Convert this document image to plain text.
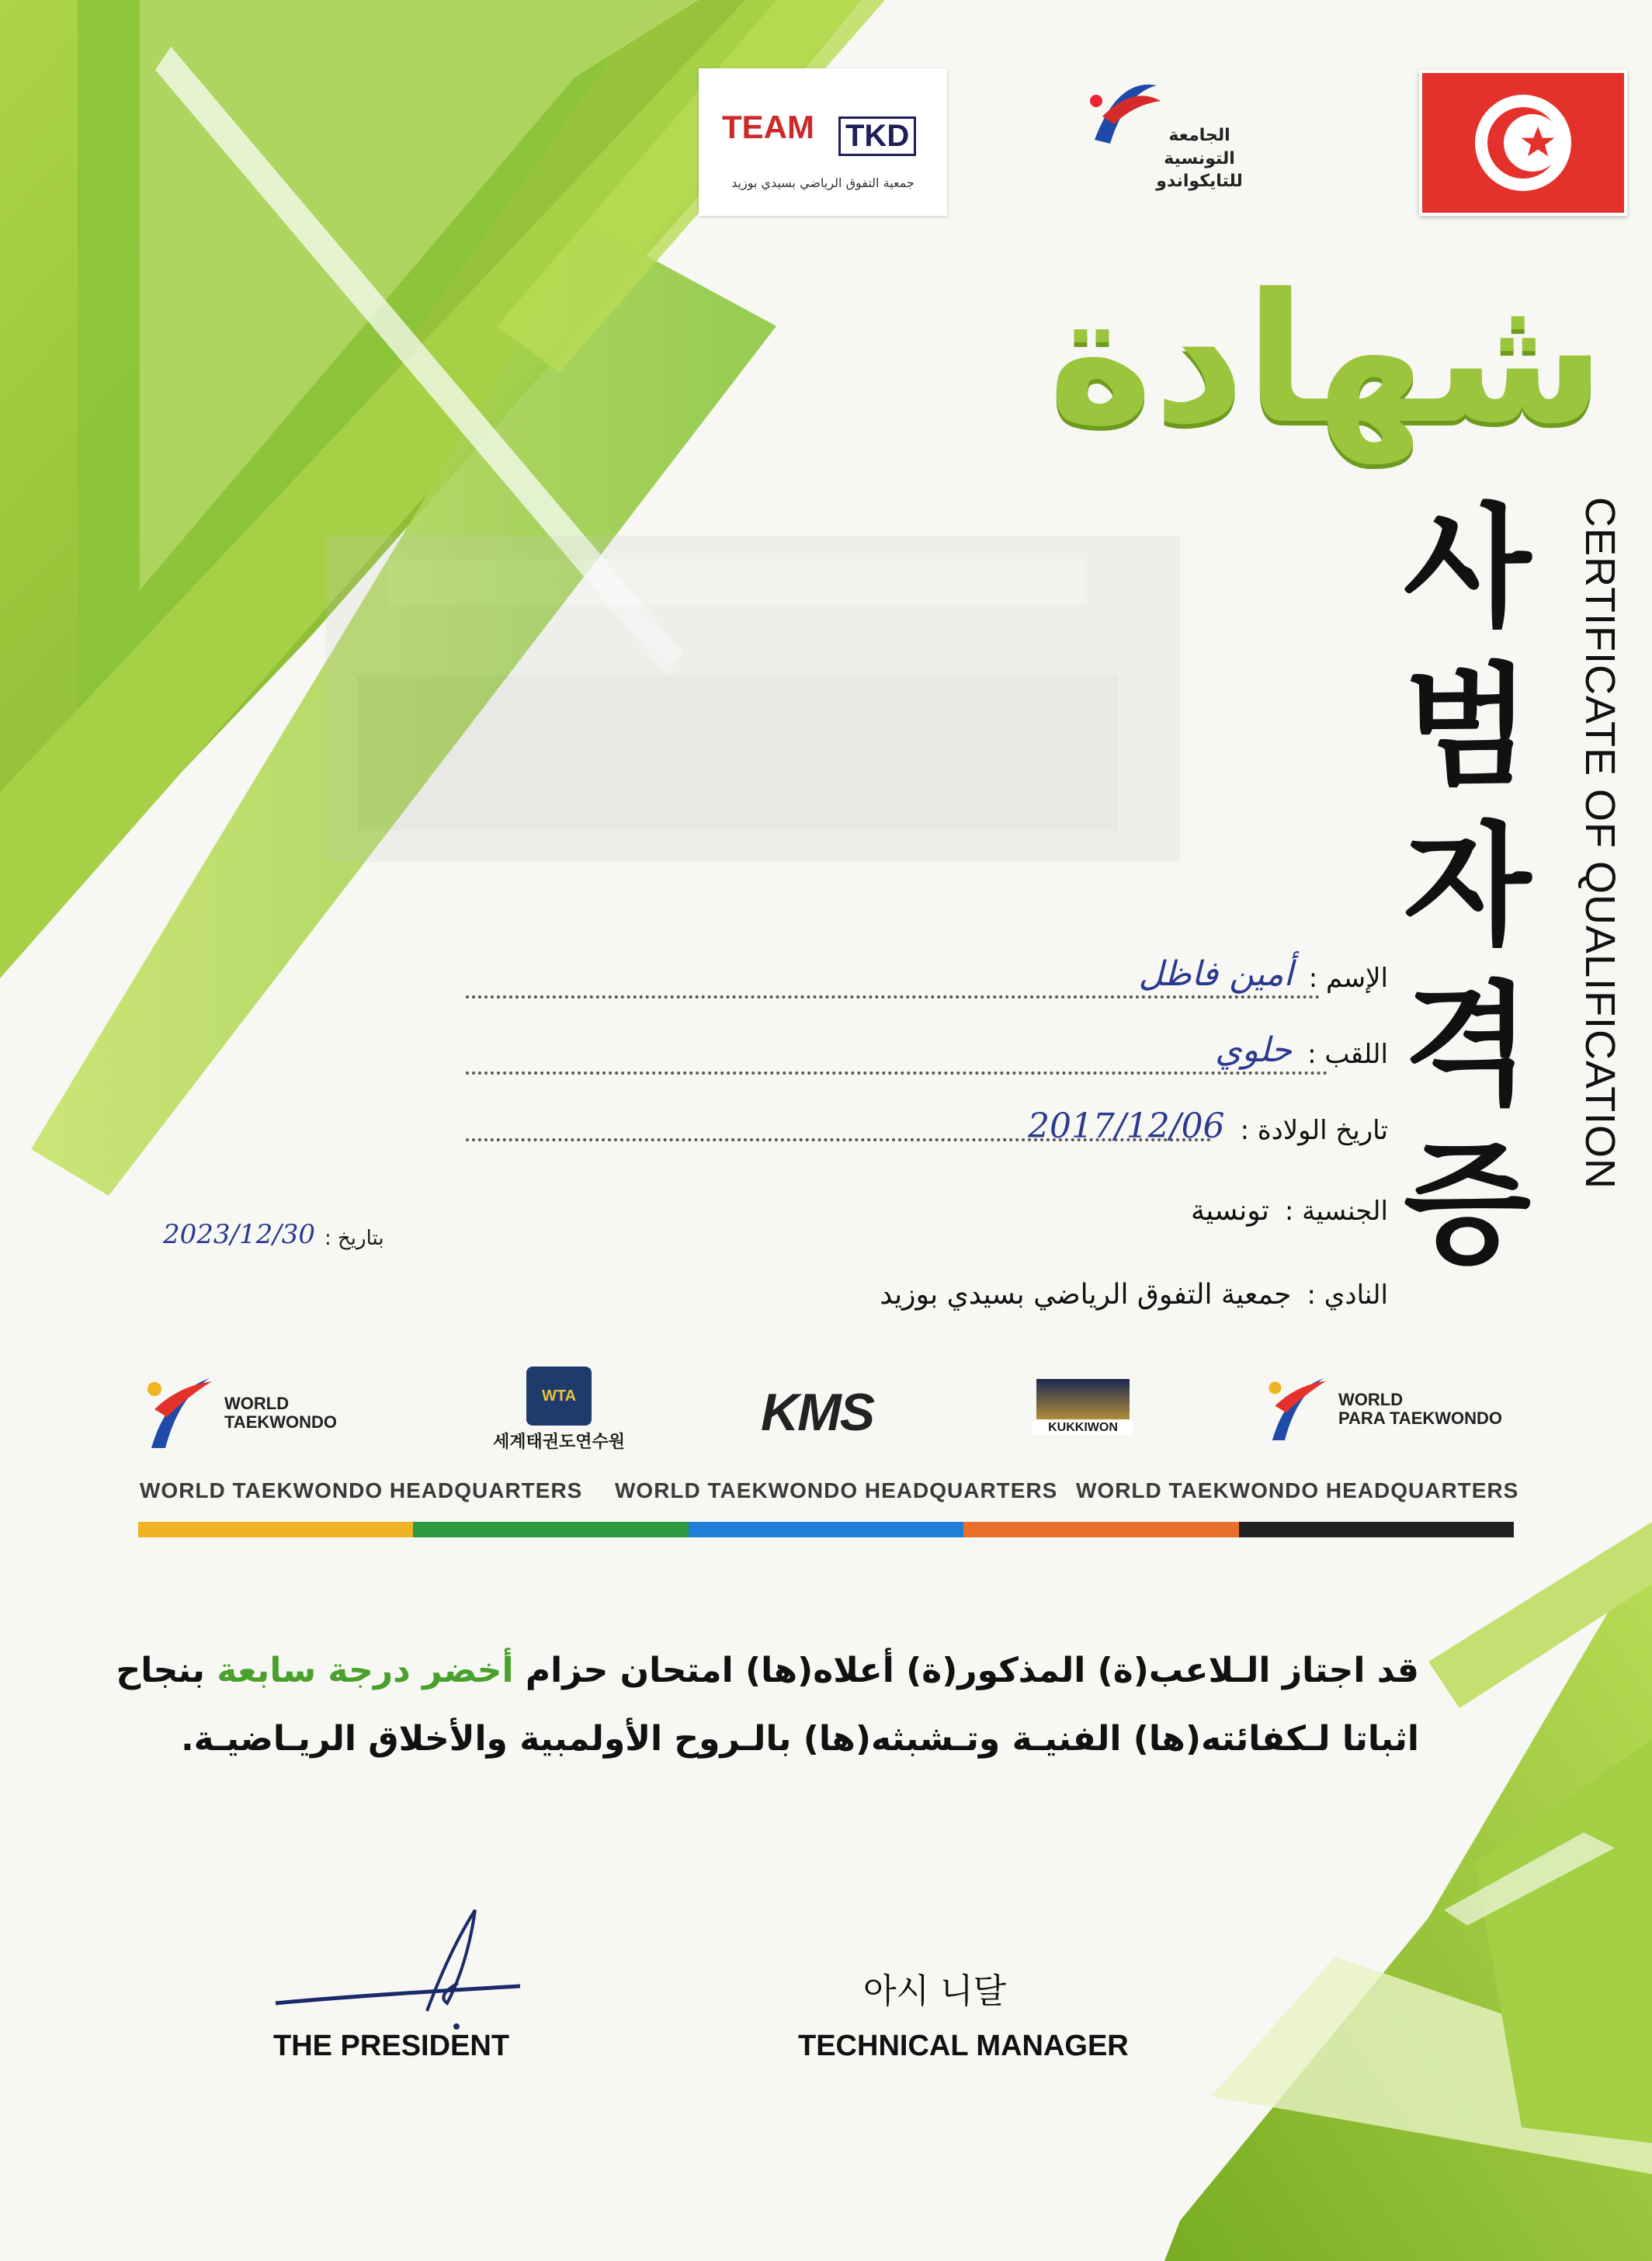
TEAM TKD
جمعية التفوق الرياضي بسيدي بوزيد
الجامعة التونسية للتايكواندو
شهادة
사
범
자
격
증
CERTIFICATE OF QUALIFICATION
الإسم :
أمين فاظل
اللقب :
حلوي
تاريخ الولادة :
2017/12/06
الجنسية :
تونسية
النادي :
جمعية التفوق الرياضي بسيدي بوزيد
بتاريخ :
2023/12/30
WORLD
TAEKWONDO
WTA
세계태권도연수원
KMS	KUKKIWON
WORLD
PARA TAEKWONDO
WORLD TAEKWONDO HEADQUARTERS WORLD TAEKWONDO HEADQUARTERS WORLD TAEKWONDO HEADQUARTERS
قد اجتاز الـلاعب(ة) المذكور(ة) أعلاه(ها) امتحان حزام أخضر درجة سابعة بنجاح
اثباتا لـكفائته(ها) الفنيـة وتـشبثه(ها) بالـروح الأولمبية والأخلاق الريـاضيـة.
THE PRESIDENT
아시 니달
TECHNICAL MANAGER
